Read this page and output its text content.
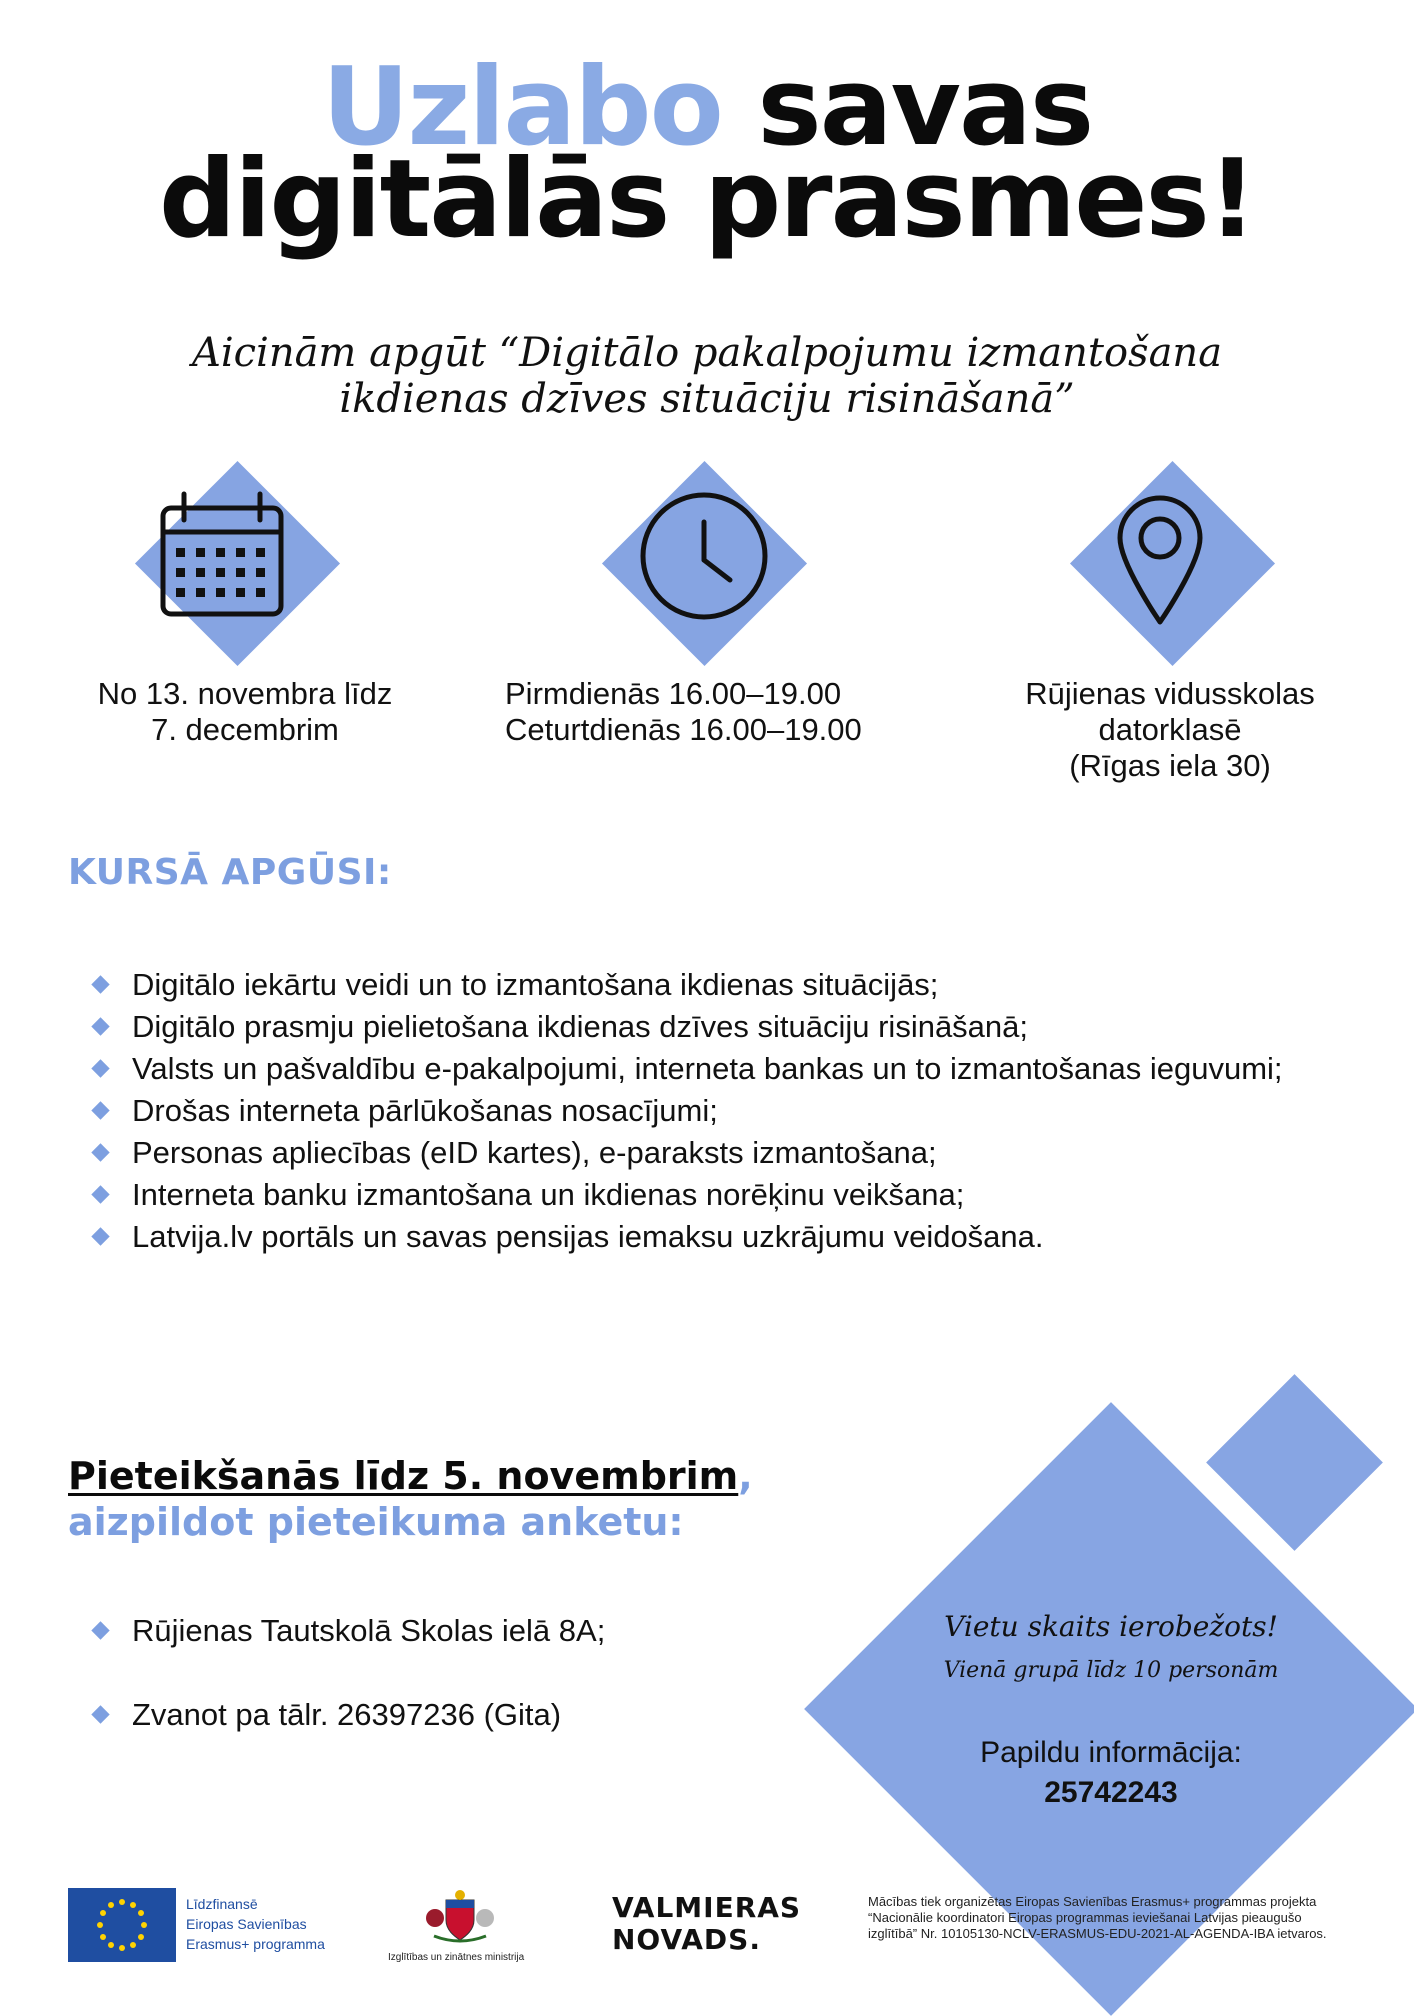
Uzlabo savas
digitālās prasmes!
Aicinām apgūt “Digitālo pakalpojumu izmantošana
ikdienas dzīves situāciju risināšanā”
No 13. novembra līdz
7. decembrim
Pirmdienās 16.00–19.00
Ceturtdienās 16.00–19.00
Rūjienas vidusskolas
datorklasē
(Rīgas iela 30)
KURSĀ APGŪSI:
Digitālo iekārtu veidi un to izmantošana ikdienas situācijās;
Digitālo prasmju pielietošana ikdienas dzīves situāciju risināšanā;
Valsts un pašvaldību e-pakalpojumi, interneta bankas un to izmantošanas ieguvumi;
Drošas interneta pārlūkošanas nosacījumi;
Personas apliecības (eID kartes), e-paraksts izmantošana;
Interneta banku izmantošana un ikdienas norēķinu veikšana;
Latvija.lv portāls un savas pensijas iemaksu uzkrājumu veidošana.
Pieteikšanās līdz 5. novembrim,
aizpildot pieteikuma anketu:
Rūjienas Tautskolā Skolas ielā 8A;
Zvanot pa tālr. 26397236 (Gita)
Vietu skaits ierobežots!
Vienā grupā līdz 10 personām
Papildu informācija:
25742243
Līdzfinansē
Eiropas Savienības
Erasmus+ programma
Izglītības un zinātnes ministrija
VALMIERAS
NOVADS.
Mācības tiek organizētas Eiropas Savienības Erasmus+ programmas projekta “Nacionālie koordinatori Eiropas programmas ieviešanai Latvijas pieaugušo izglītībā” Nr. 10105130-NCLV-ERASMUS-EDU-2021-AL-AGENDA-IBA ietvaros.
